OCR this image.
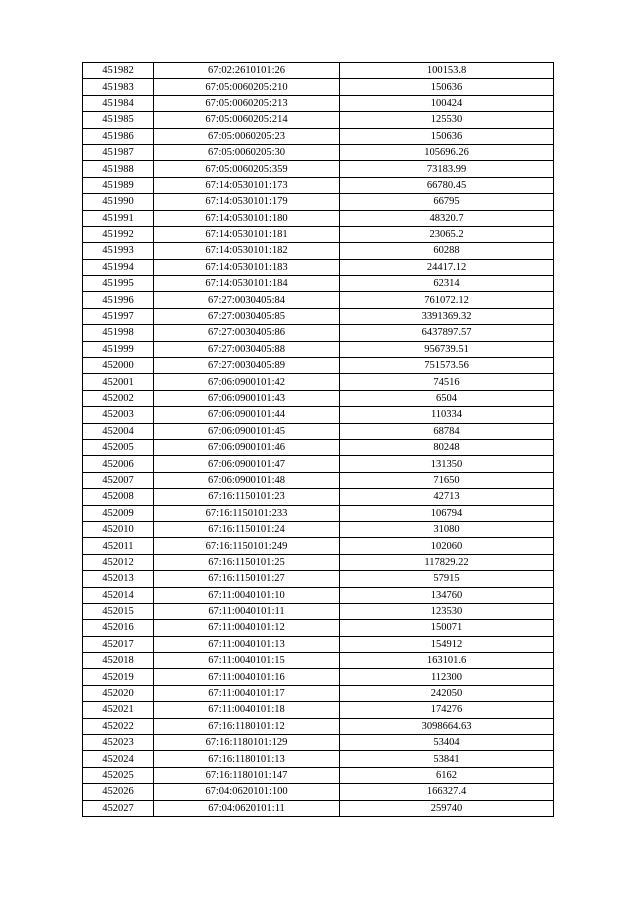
451982	67:02:2610101:26	100153.8
451983	67:05:0060205:210	150636
451984	67:05:0060205:213	100424
451985	67:05:0060205:214	125530
451986	67:05:0060205:23	150636
451987	67:05:0060205:30	105696.26
451988	67:05:0060205:359	73183.99
451989	67:14:0530101:173	66780.45
451990	67:14:0530101:179	66795
451991	67:14:0530101:180	48320.7
451992	67:14:0530101:181	23065.2
451993	67:14:0530101:182	60288
451994	67:14:0530101:183	24417.12
451995	67:14:0530101:184	62314
451996	67:27:0030405:84	761072.12
451997	67:27:0030405:85	3391369.32
451998	67:27:0030405:86	6437897.57
451999	67:27:0030405:88	956739.51
452000	67:27:0030405:89	751573.56
452001	67:06:0900101:42	74516
452002	67:06:0900101:43	6504
452003	67:06:0900101:44	110334
452004	67:06:0900101:45	68784
452005	67:06:0900101:46	80248
452006	67:06:0900101:47	131350
452007	67:06:0900101:48	71650
452008	67:16:1150101:23	42713
452009	67:16:1150101:233	106794
452010	67:16:1150101:24	31080
452011	67:16:1150101:249	102060
452012	67:16:1150101:25	117829.22
452013	67:16:1150101:27	57915
452014	67:11:0040101:10	134760
452015	67:11:0040101:11	123530
452016	67:11:0040101:12	150071
452017	67:11:0040101:13	154912
452018	67:11:0040101:15	163101.6
452019	67:11:0040101:16	112300
452020	67:11:0040101:17	242050
452021	67:11:0040101:18	174276
452022	67:16:1180101:12	3098664.63
452023	67:16:1180101:129	53404
452024	67:16:1180101:13	53841
452025	67:16:1180101:147	6162
452026	67:04:0620101:100	166327.4
452027	67:04:0620101:11	259740
